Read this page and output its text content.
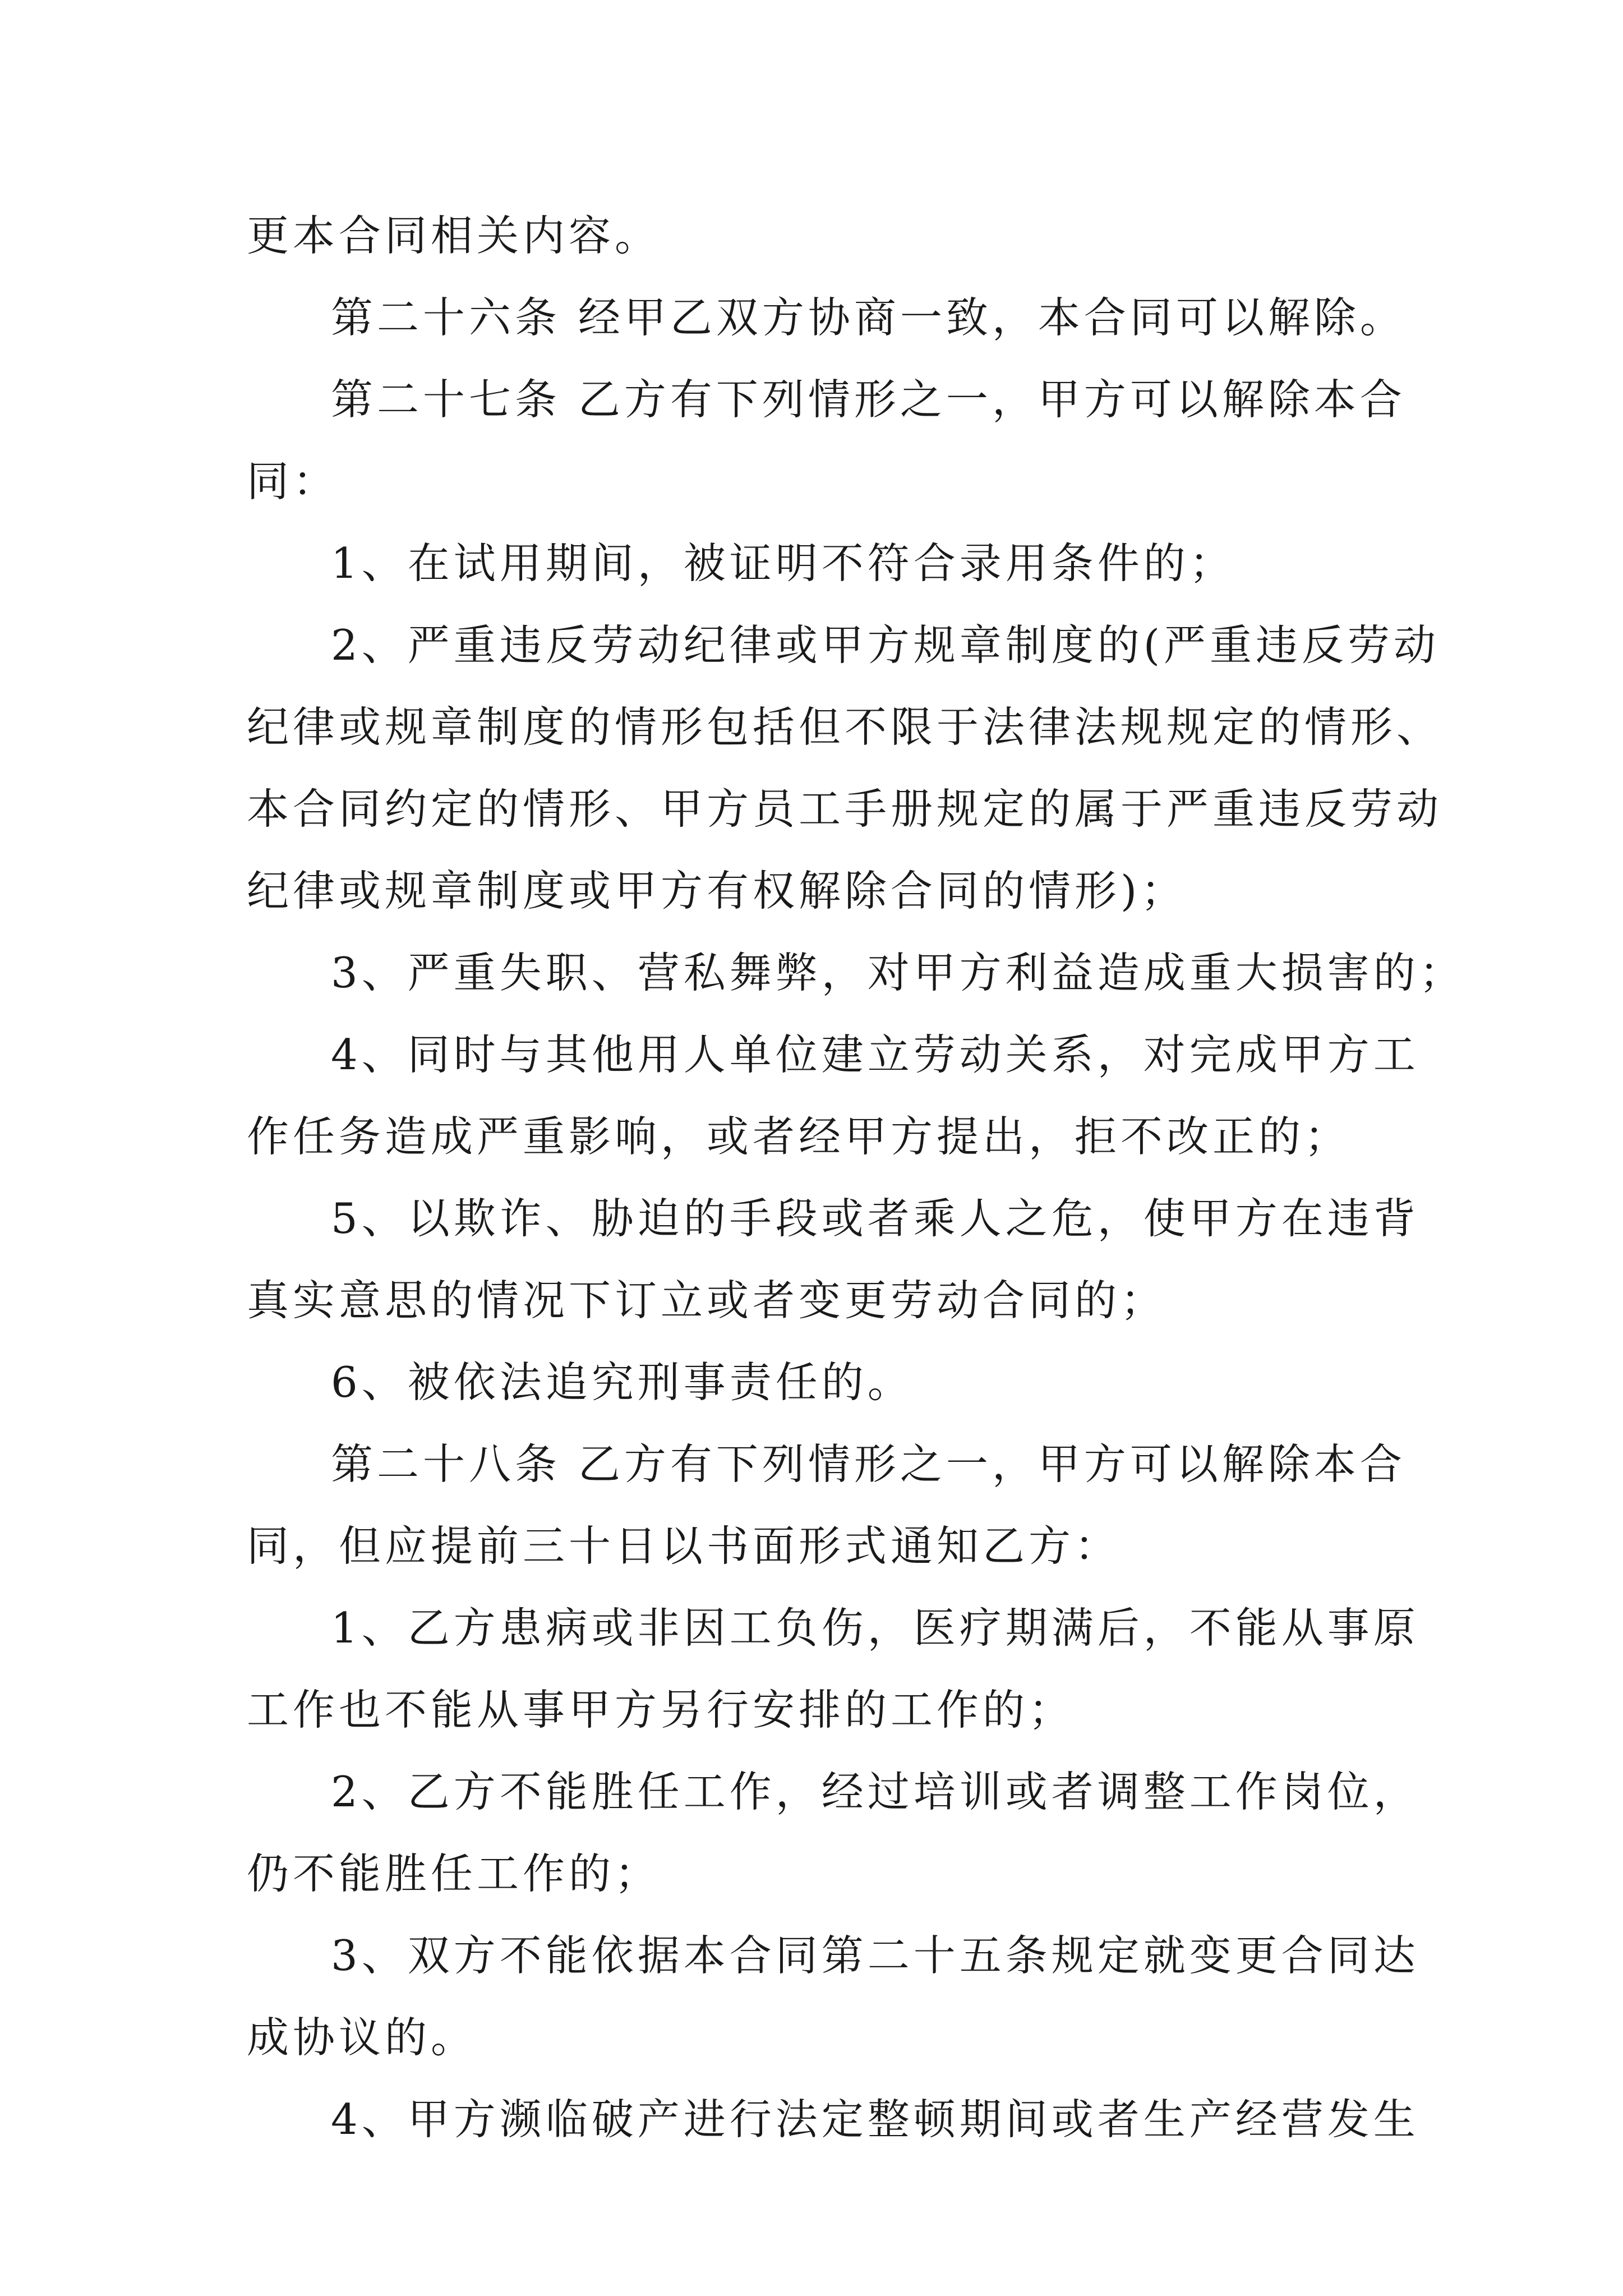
更本合同相关内容。
第二十六条 经甲乙双方协商一致，本合同可以解除。
第二十七条 乙方有下列情形之一，甲方可以解除本合
同：
1、在试用期间，被证明不符合录用条件的；
2、严重违反劳动纪律或甲方规章制度的(严重违反劳动
纪律或规章制度的情形包括但不限于法律法规规定的情形、
本合同约定的情形、甲方员工手册规定的属于严重违反劳动
纪律或规章制度或甲方有权解除合同的情形)；
3、严重失职、营私舞弊，对甲方利益造成重大损害的；
4、同时与其他用人单位建立劳动关系，对完成甲方工
作任务造成严重影响，或者经甲方提出，拒不改正的；
5、以欺诈、胁迫的手段或者乘人之危，使甲方在违背
真实意思的情况下订立或者变更劳动合同的；
6、被依法追究刑事责任的。
第二十八条 乙方有下列情形之一，甲方可以解除本合
同，但应提前三十日以书面形式通知乙方：
1、乙方患病或非因工负伤，医疗期满后，不能从事原
工作也不能从事甲方另行安排的工作的；
2、乙方不能胜任工作，经过培训或者调整工作岗位，
仍不能胜任工作的；
3、双方不能依据本合同第二十五条规定就变更合同达
成协议的。
4、甲方濒临破产进行法定整顿期间或者生产经营发生
